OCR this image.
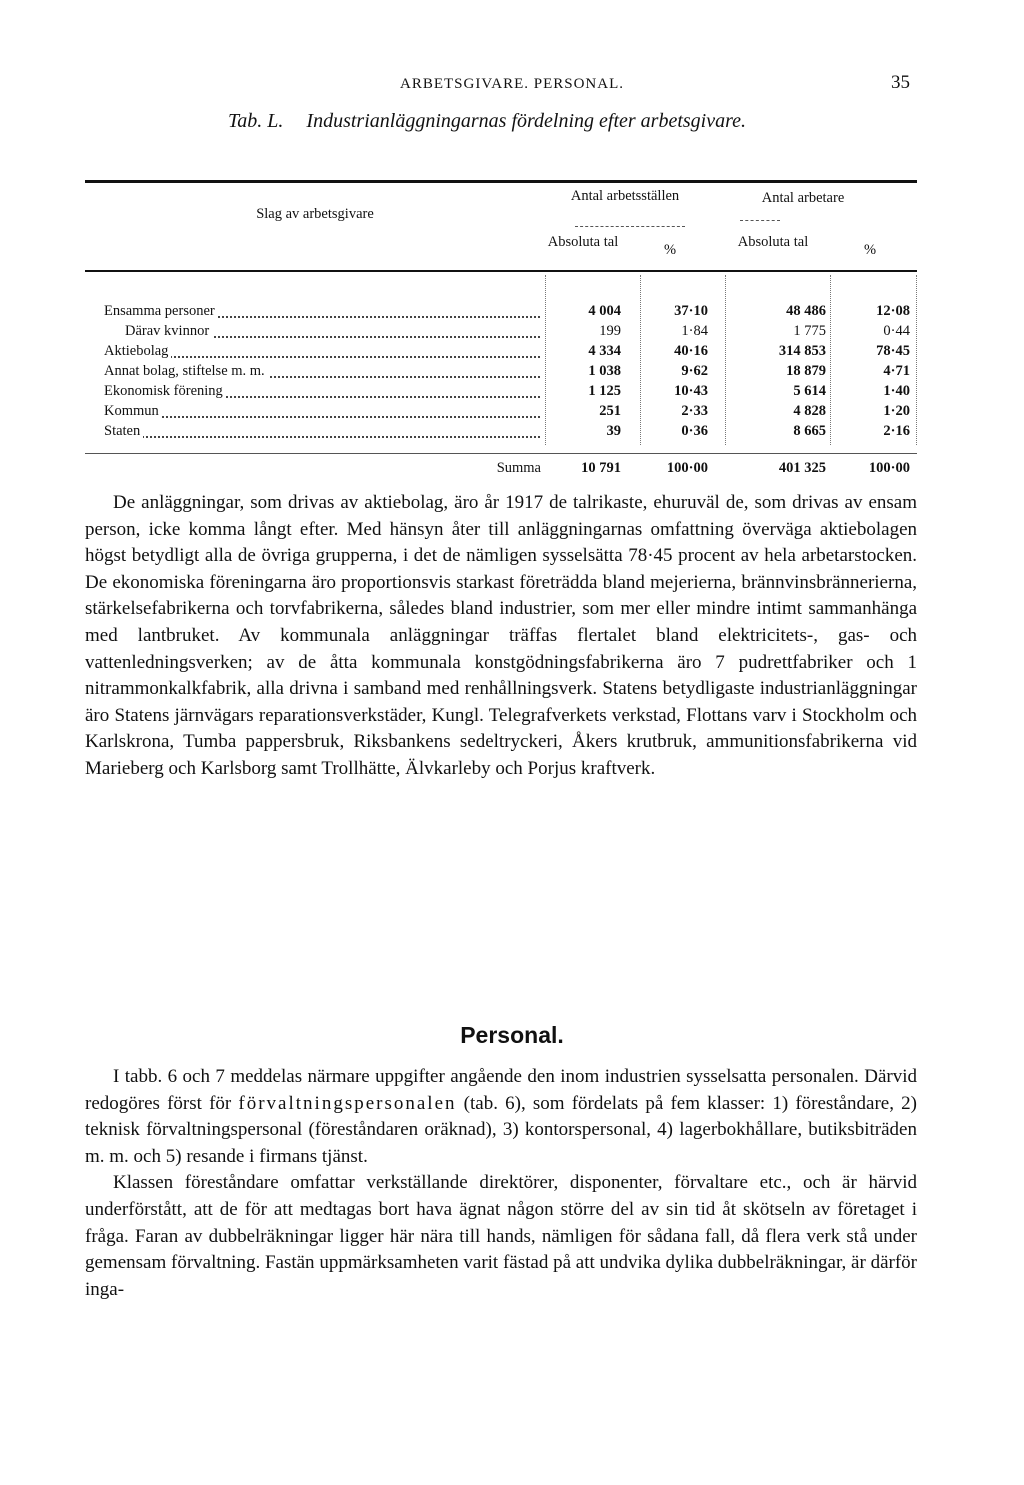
ARBETSGIVARE. PERSONAL.	35
Tab. L. Industrianläggningarnas fördelning efter arbetsgivare.
Slag av arbetsgivare
Antal arbetsställen	Antal arbetare
Absoluta tal	%	Absoluta tal	%
Ensamma personer	4 004	37·10	48 486	12·08
Därav kvinnor	199	1·84	1 775	0·44
Aktiebolag	4 334	40·16	314 853	78·45
Annat bolag, stiftelse m. m.	1 038	9·62	18 879	4·71
Ekonomisk förening	1 125	10·43	5 614	1·40
Kommun	251	2·33	4 828	1·20
Staten	39	0·36	8 665	2·16
Summa	10 791	100·00	401 325	100·00

De anläggningar, som drivas av aktiebolag, äro år 1917 de talrikaste, ehuruväl de, som drivas av ensam person, icke komma långt efter. Med hänsyn åter till anläggningarnas omfattning överväga aktiebolagen högst betydligt alla de övriga grupperna, i det de nämligen sysselsätta 78·45 procent av hela arbetarstocken. De ekonomiska föreningarna äro proportionsvis starkast företrädda bland mejerierna, brännvinsbrännerierna, stärkelsefabrikerna och torvfabrikerna, således bland industrier, som mer eller mindre intimt sammanhänga med lantbruket. Av kommunala anläggningar träffas flertalet bland elektricitets-, gas- och vattenledningsverken; av de åtta kommunala konstgödningsfabrikerna äro 7 pudrettfabriker och 1 nitrammonkalkfabrik, alla drivna i samband med renhållningsverk. Statens betydligaste industrianläggningar äro Statens järnvägars reparationsverkstäder, Kungl. Telegrafverkets verkstad, Flottans varv i Stockholm och Karlskrona, Tumba pappersbruk, Riksbankens sedeltryckeri, Åkers krutbruk, ammunitionsfabrikerna vid Marieberg och Karlsborg samt Trollhätte, Älvkarleby och Porjus kraftverk.

Personal.

I tabb. 6 och 7 meddelas närmare uppgifter angående den inom industrien sysselsatta personalen. Därvid redogöres först för förvaltningspersonalen (tab. 6), som fördelats på fem klasser: 1) föreståndare, 2) teknisk förvaltningspersonal (föreståndaren oräknad), 3) kontorspersonal, 4) lagerbokhållare, butiksbiträden m. m. och 5) resande i firmans tjänst.

Klassen föreståndare omfattar verkställande direktörer, disponenter, förvaltare etc., och är härvid underförstått, att de för att medtagas bort hava ägnat någon större del av sin tid åt skötseln av företaget i fråga. Faran av dubbelräkningar ligger här nära till hands, nämligen för sådana fall, då flera verk stå under gemensam förvaltning. Fastän uppmärksamheten varit fästad på att undvika dylika dubbelräkningar, är därför inga-
